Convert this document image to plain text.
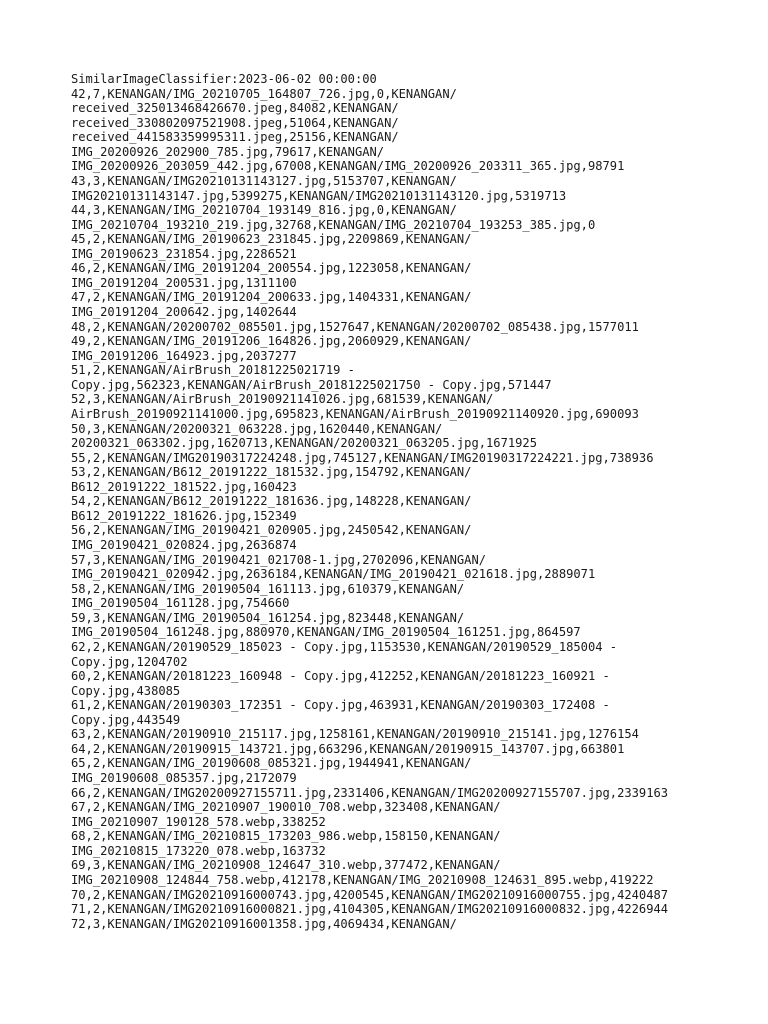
SimilarImageClassifier:2023-06-02 00:00:00
42,7,KENANGAN/IMG_20210705_164807_726.jpg,0,KENANGAN/
received_325013468426670.jpeg,84082,KENANGAN/
received_330802097521908.jpeg,51064,KENANGAN/
received_441583359995311.jpeg,25156,KENANGAN/
IMG_20200926_202900_785.jpg,79617,KENANGAN/
IMG_20200926_203059_442.jpg,67008,KENANGAN/IMG_20200926_203311_365.jpg,98791
43,3,KENANGAN/IMG20210131143127.jpg,5153707,KENANGAN/
IMG20210131143147.jpg,5399275,KENANGAN/IMG20210131143120.jpg,5319713
44,3,KENANGAN/IMG_20210704_193149_816.jpg,0,KENANGAN/
IMG_20210704_193210_219.jpg,32768,KENANGAN/IMG_20210704_193253_385.jpg,0
45,2,KENANGAN/IMG_20190623_231845.jpg,2209869,KENANGAN/
IMG_20190623_231854.jpg,2286521
46,2,KENANGAN/IMG_20191204_200554.jpg,1223058,KENANGAN/
IMG_20191204_200531.jpg,1311100
47,2,KENANGAN/IMG_20191204_200633.jpg,1404331,KENANGAN/
IMG_20191204_200642.jpg,1402644
48,2,KENANGAN/20200702_085501.jpg,1527647,KENANGAN/20200702_085438.jpg,1577011
49,2,KENANGAN/IMG_20191206_164826.jpg,2060929,KENANGAN/
IMG_20191206_164923.jpg,2037277
51,2,KENANGAN/AirBrush_20181225021719 -
Copy.jpg,562323,KENANGAN/AirBrush_20181225021750 - Copy.jpg,571447
52,3,KENANGAN/AirBrush_20190921141026.jpg,681539,KENANGAN/
AirBrush_20190921141000.jpg,695823,KENANGAN/AirBrush_20190921140920.jpg,690093
50,3,KENANGAN/20200321_063228.jpg,1620440,KENANGAN/
20200321_063302.jpg,1620713,KENANGAN/20200321_063205.jpg,1671925
55,2,KENANGAN/IMG20190317224248.jpg,745127,KENANGAN/IMG20190317224221.jpg,738936
53,2,KENANGAN/B612_20191222_181532.jpg,154792,KENANGAN/
B612_20191222_181522.jpg,160423
54,2,KENANGAN/B612_20191222_181636.jpg,148228,KENANGAN/
B612_20191222_181626.jpg,152349
56,2,KENANGAN/IMG_20190421_020905.jpg,2450542,KENANGAN/
IMG_20190421_020824.jpg,2636874
57,3,KENANGAN/IMG_20190421_021708-1.jpg,2702096,KENANGAN/
IMG_20190421_020942.jpg,2636184,KENANGAN/IMG_20190421_021618.jpg,2889071
58,2,KENANGAN/IMG_20190504_161113.jpg,610379,KENANGAN/
IMG_20190504_161128.jpg,754660
59,3,KENANGAN/IMG_20190504_161254.jpg,823448,KENANGAN/
IMG_20190504_161248.jpg,880970,KENANGAN/IMG_20190504_161251.jpg,864597
62,2,KENANGAN/20190529_185023 - Copy.jpg,1153530,KENANGAN/20190529_185004 -
Copy.jpg,1204702
60,2,KENANGAN/20181223_160948 - Copy.jpg,412252,KENANGAN/20181223_160921 -
Copy.jpg,438085
61,2,KENANGAN/20190303_172351 - Copy.jpg,463931,KENANGAN/20190303_172408 -
Copy.jpg,443549
63,2,KENANGAN/20190910_215117.jpg,1258161,KENANGAN/20190910_215141.jpg,1276154
64,2,KENANGAN/20190915_143721.jpg,663296,KENANGAN/20190915_143707.jpg,663801
65,2,KENANGAN/IMG_20190608_085321.jpg,1944941,KENANGAN/
IMG_20190608_085357.jpg,2172079
66,2,KENANGAN/IMG20200927155711.jpg,2331406,KENANGAN/IMG20200927155707.jpg,2339163
67,2,KENANGAN/IMG_20210907_190010_708.webp,323408,KENANGAN/
IMG_20210907_190128_578.webp,338252
68,2,KENANGAN/IMG_20210815_173203_986.webp,158150,KENANGAN/
IMG_20210815_173220_078.webp,163732
69,3,KENANGAN/IMG_20210908_124647_310.webp,377472,KENANGAN/
IMG_20210908_124844_758.webp,412178,KENANGAN/IMG_20210908_124631_895.webp,419222
70,2,KENANGAN/IMG20210916000743.jpg,4200545,KENANGAN/IMG20210916000755.jpg,4240487
71,2,KENANGAN/IMG20210916000821.jpg,4104305,KENANGAN/IMG20210916000832.jpg,4226944
72,3,KENANGAN/IMG20210916001358.jpg,4069434,KENANGAN/
